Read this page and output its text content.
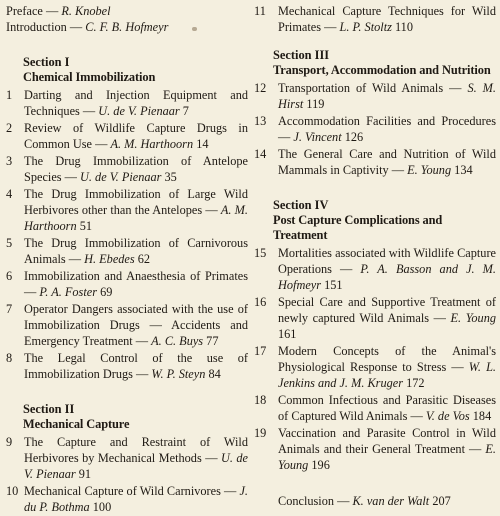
Preface — R. Knobel
Introduction — C. F. B. Hofmeyr
Section I
Chemical Immobilization
1 Darting and Injection Equipment and Techniques — U. de V. Pienaar 7
2 Review of Wildlife Capture Drugs in Common Use — A. M. Harthoorn 14
3 The Drug Immobilization of Antelope Species — U. de V. Pienaar 35
4 The Drug Immobilization of Large Wild Herbivores other than the Antelopes — A. M. Harthoorn 51
5 The Drug Immobilization of Carnivorous Animals — H. Ebedes 62
6 Immobilization and Anaesthesia of Primates — P. A. Foster 69
7 Operator Dangers associated with the use of Immobilization Drugs — Accidents and Emergency Treatment — A. C. Buys 77
8 The Legal Control of the use of Immobilization Drugs — W. P. Steyn 84
Section II
Mechanical Capture
9 The Capture and Restraint of Wild Herbivores by Mechanical Methods — U. de V. Pienaar 91
10 Mechanical Capture of Wild Carnivores — J. du P. Bothma 100
11 Mechanical Capture Techniques for Wild Primates — L. P. Stoltz 110
Section III
Transport, Accommodation and Nutrition
12 Transportation of Wild Animals — S. M. Hirst 119
13 Accommodation Facilities and Procedures — J. Vincent 126
14 The General Care and Nutrition of Wild Mammals in Captivity — E. Young 134
Section IV
Post Capture Complications and Treatment
15 Mortalities associated with Wildlife Capture Operations — P. A. Basson and J. M. Hofmeyr 151
16 Special Care and Supportive Treatment of newly captured Wild Animals — E. Young 161
17 Modern Concepts of the Animal's Physiological Response to Stress — W. L. Jenkins and J. M. Kruger 172
18 Common Infectious and Parasitic Diseases of Captured Wild Animals — V. de Vos 184
19 Vaccination and Parasite Control in Wild Animals and their General Treatment — E. Young 196
Conclusion — K. van der Walt 207
